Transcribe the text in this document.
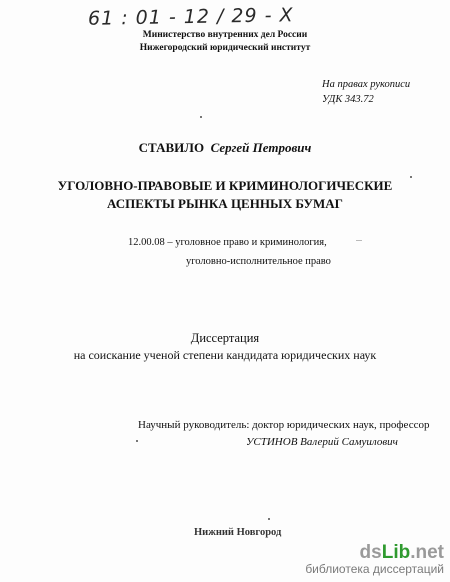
61 : 01 - 12 / 29 - X
Министерство внутренних дел России
Нижегородский юридический институт
На правах рукописи
УДК 343.72
СТАВИЛО Сергей Петрович
УГОЛОВНО-ПРАВОВЫЕ И КРИМИНОЛОГИЧЕСКИЕ
АСПЕКТЫ РЫНКА ЦЕННЫХ БУМАГ
12.00.08 – уголовное право и криминология,
уголовно-исполнительное право
Диссертация
на соискание ученой степени кандидата юридических наук
Научный руководитель: доктор юридических наук, профессор
УСТИНОВ Валерий Самуилович
Нижний Новгород
dsLib.net
библиотека диссертаций
